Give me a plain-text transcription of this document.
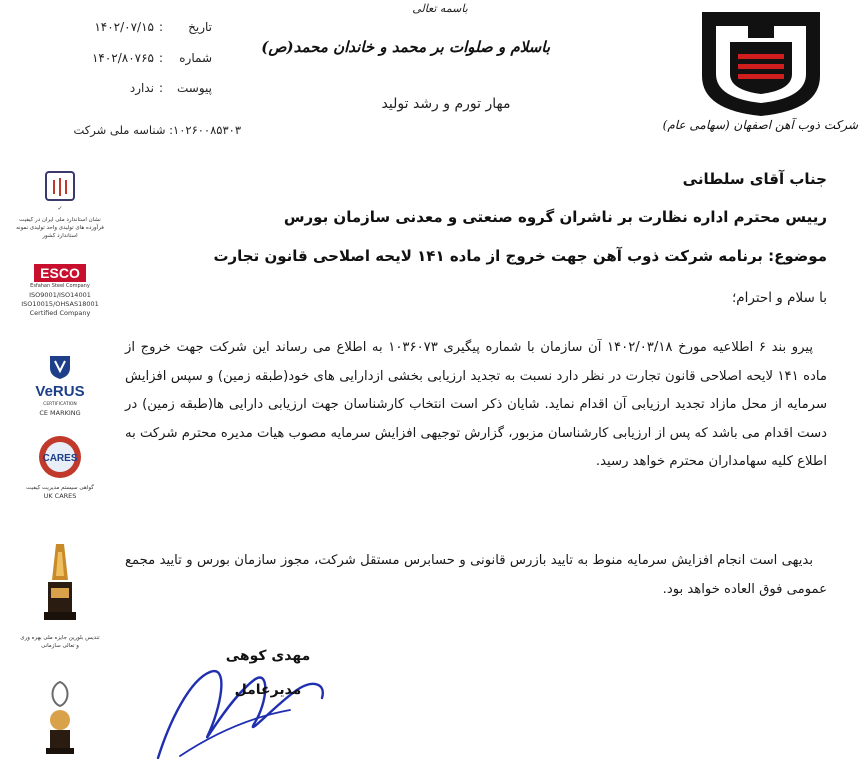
تاریخ:۱۴۰۲/۰۷/۱۵
شماره:۱۴۰۲/۸۰۷۶۵
پیوست:ندارد
۱۰۲۶۰۰۸۵۳۰۳: شناسه ملی شرکت
باسمه تعالی
باسلام و صلوات بر محمد و خاندان محمد(ص)
مهار تورم و رشد تولید
شرکت ذوب آهن اصفهان (سهامی عام)
جناب آقای سلطانی
رییس محترم اداره نظارت بر ناشران گروه صنعتی و معدنی سازمان بورس
موضوع: برنامه شرکت ذوب آهن جهت خروج از ماده ۱۴۱ لایحه اصلاحی قانون تجارت
با سلام و احترام؛
پیرو بند ۶ اطلاعیه مورخ ۱۴۰۲/۰۳/۱۸ آن سازمان با شماره پیگیری ۱۰۳۶۰۷۳ به اطلاع می رساند این شرکت جهت خروج از ماده ۱۴۱ لایحه اصلاحی قانون تجارت در نظر دارد نسبت به تجدید ارزیابی بخشی ازدارایی های خود(طبقه زمین) و سپس افزایش سرمایه از محل مازاد تجدید ارزیابی آن اقدام نماید. شایان ذکر است انتخاب کارشناسان جهت ارزیابی دارایی ها(طبقه زمین) در دست اقدام می باشد که پس از ارزیابی کارشناسان مزبور، گزارش توجیهی افزایش سرمایه مصوب هیات مدیره محترم شرکت به اطلاع کلیه سهامداران محترم خواهد رسید.
بدیهی است انجام افزایش سرمایه منوط به تایید بازرس قانونی و حسابرس مستقل شرکت، مجوز سازمان بورس و تایید مجمع عمومی فوق العاده خواهد بود.
مهدی کوهی
مدیرعامل
✓
نشان استاندارد ملی ایران در کیفیت فرآورده های تولیدی واحد تولیدی نمونه استاندارد کشور
ESCO
Esfahan Steel Company
ISO9001/ISO14001
ISO10015/OHSAS18001
Certified Company
VeRUS
CERTIFICATION
CE MARKING
CARES
گواهی سیستم مدیریت کیفیت
UK CARES
تندیس بلورین جایزه ملی بهره وری و تعالی سازمانی
